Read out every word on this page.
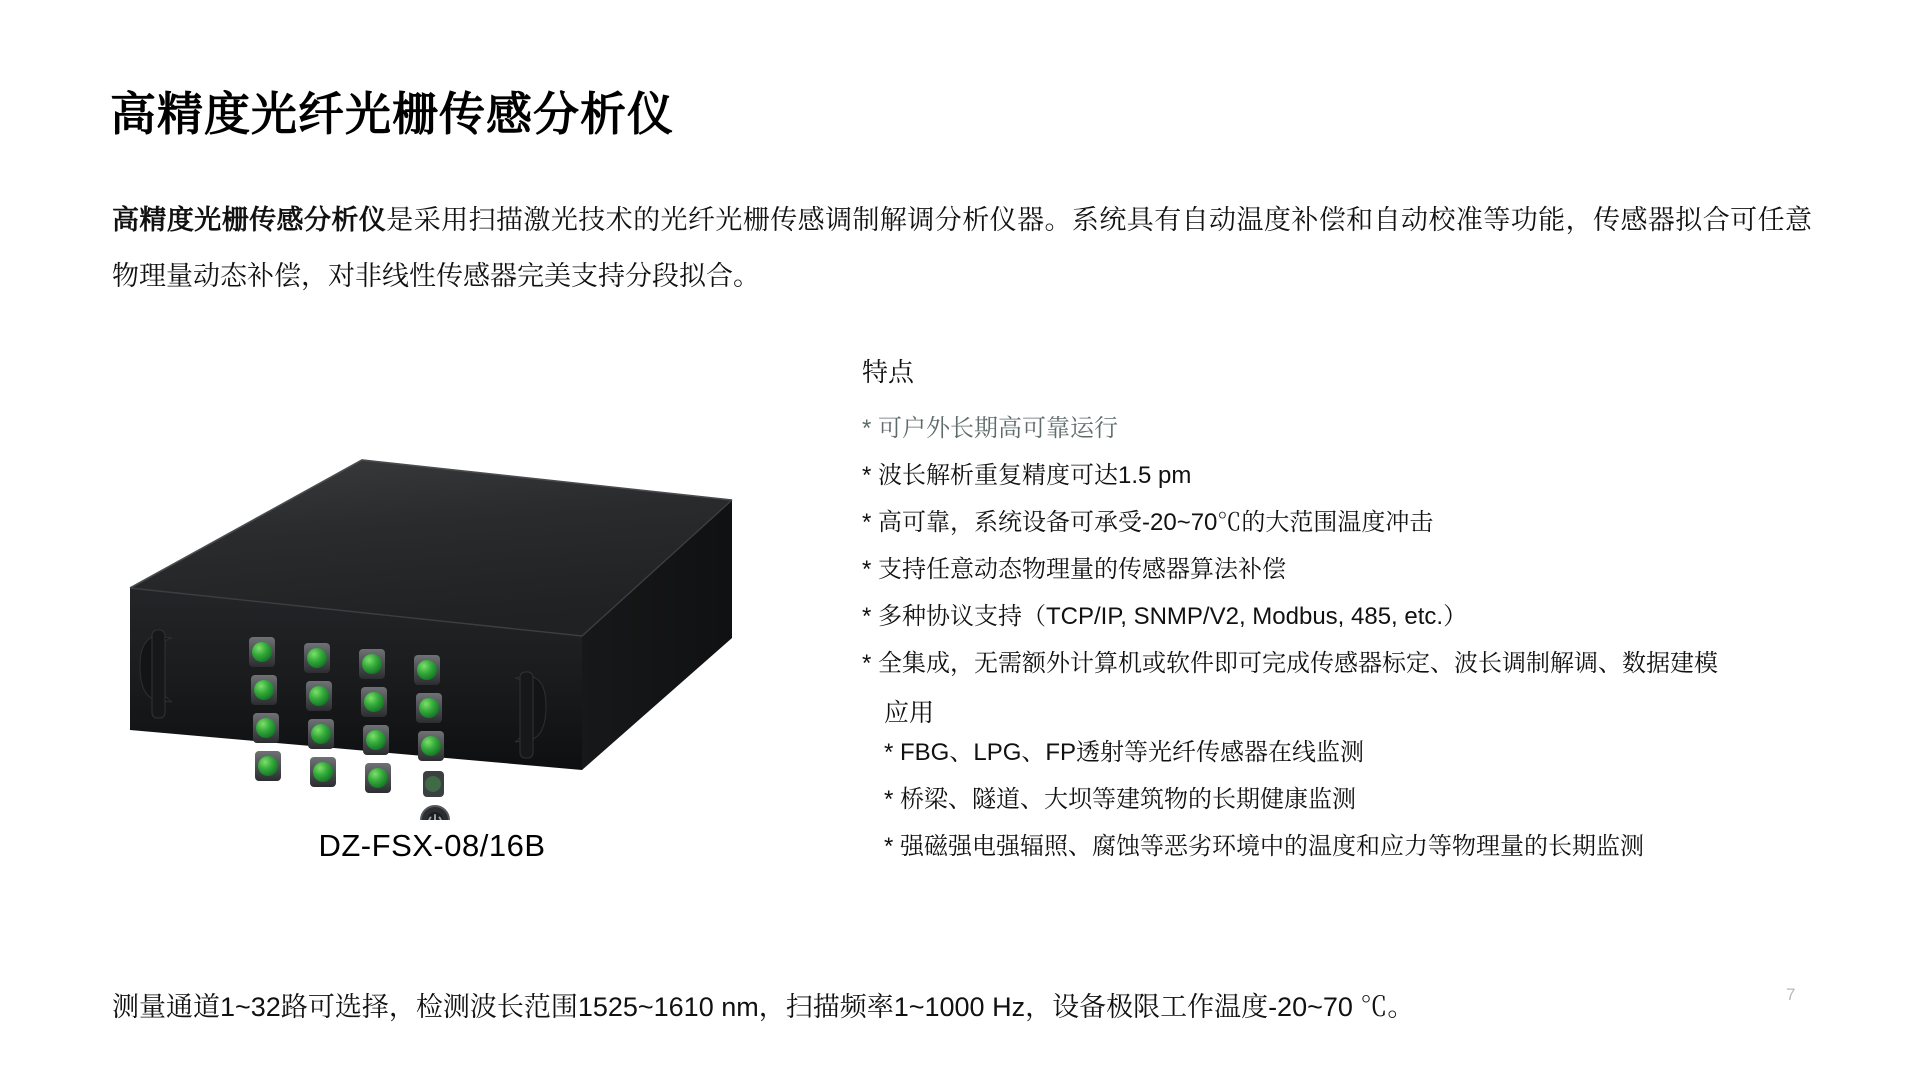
高精度光纤光栅传感分析仪
高精度光栅传感分析仪是采用扫描激光技术的光纤光栅传感调制解调分析仪器。系统具有自动温度补偿和自动校准等功能，传感器拟合可任意物理量动态补偿，对非线性传感器完美支持分段拟合。
DZ-FSX-08/16B
特点
* 可户外长期高可靠运行
* 波长解析重复精度可达1.5 pm
* 高可靠，系统设备可承受-20~70℃的大范围温度冲击
* 支持任意动态物理量的传感器算法补偿
* 多种协议支持（TCP/IP, SNMP/V2, Modbus, 485, etc.）
* 全集成，无需额外计算机或软件即可完成传感器标定、波长调制解调、数据建模
应用
* FBG、LPG、FP透射等光纤传感器在线监测
* 桥梁、隧道、大坝等建筑物的长期健康监测
* 强磁强电强辐照、腐蚀等恶劣环境中的温度和应力等物理量的长期监测
测量通道1~32路可选择，检测波长范围1525~1610 nm，扫描频率1~1000 Hz，设备极限工作温度-20~70 ℃。	7
